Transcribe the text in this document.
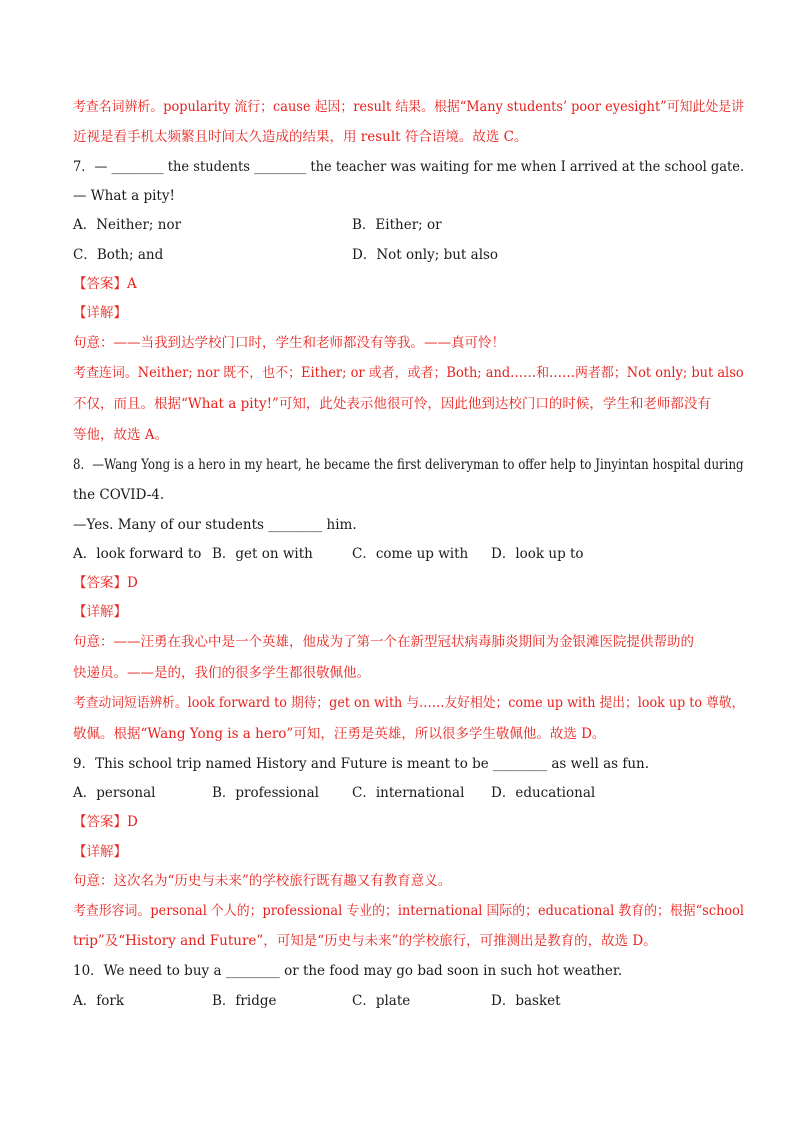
考查名词辨析。popularity 流行；cause 起因；result 结果。根据“Many students’ poor eyesight”可知此处是讲
近视是看手机太频繁且时间太久造成的结果，用 result 符合语境。故选 C。
7．— ________ the students ________ the teacher was waiting for me when I arrived at the school gate.
— What a pity!
A．Neither; nor	B．Either; or
C．Both; and	D．Not only; but also
【答案】A
【详解】
句意：——当我到达学校门口时，学生和老师都没有等我。——真可怜！
考查连词。Neither; nor 既不，也不；Either; or 或者，或者；Both; and……和……两者都；Not only; but also
不仅，而且。根据“What a pity!”可知，此处表示他很可怜，因此他到达校门口的时候，学生和老师都没有
等他，故选 A。
8．—Wang Yong is a hero in my heart, he became the first deliveryman to offer help to Jinyintan hospital during
the COVID-4.
—Yes. Many of our students ________ him.
A．look forward to B．get on with	C．come up with D．look up to
【答案】D
【详解】
句意：——汪勇在我心中是一个英雄，他成为了第一个在新型冠状病毒肺炎期间为金银滩医院提供帮助的
快递员。——是的，我们的很多学生都很敬佩他。
考查动词短语辨析。look forward to 期待；get on with 与……友好相处；come up with 提出；look up to 尊敬，
敬佩。根据“Wang Yong is a hero”可知，汪勇是英雄，所以很多学生敬佩他。故选 D。
9．This school trip named History and Future is meant to be ________ as well as fun.
A．personal	B．professional C．international D．educational
【答案】D
【详解】
句意：这次名为“历史与未来”的学校旅行既有趣又有教育意义。
考查形容词。personal 个人的；professional 专业的；international 国际的；educational 教育的；根据“school
trip”及“History and Future”，可知是“历史与未来”的学校旅行，可推测出是教育的，故选 D。
10．We need to buy a ________ or the food may go bad soon in such hot weather.
A．fork	B．fridge	C．plate	D．basket
